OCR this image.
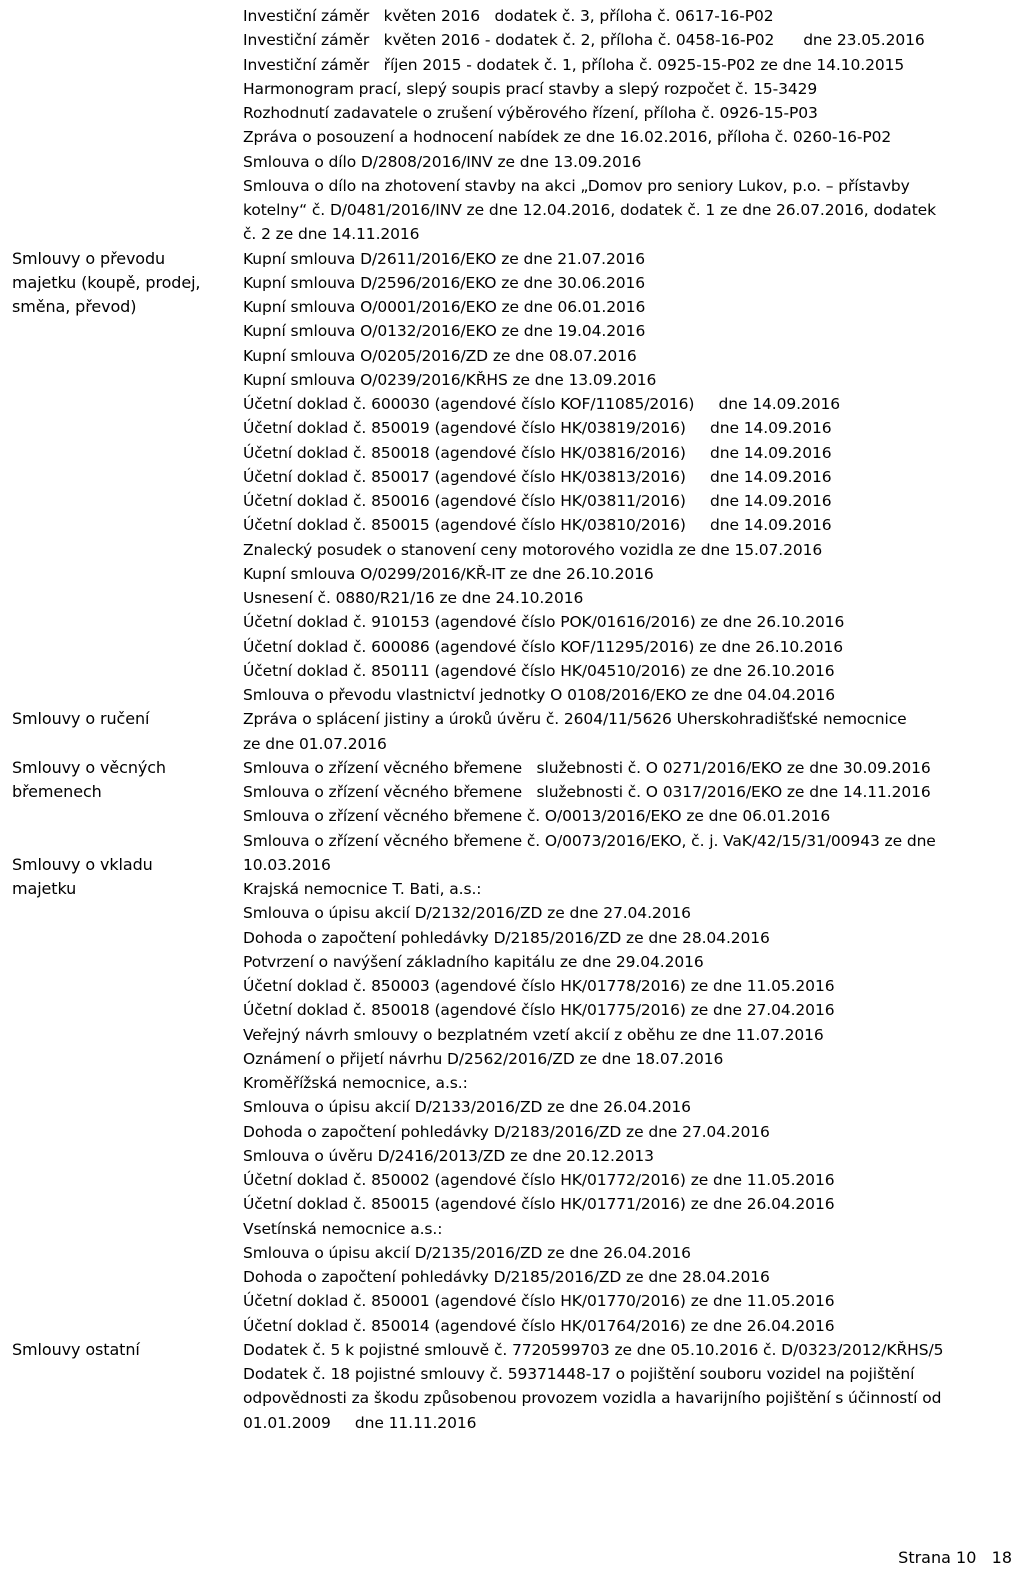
Smlouvy o převodu
majetku (koupě, prodej,
směna, převod)
Smlouvy o ručení
Smlouvy o věcných
břemenech
Smlouvy o vkladu
majetku
Smlouvy ostatní
Investiční záměr   květen 2016   dodatek č. 3, příloha č. 0617-16-P02
Investiční záměr   květen 2016 - dodatek č. 2, příloha č. 0458-16-P02      dne 23.05.2016
Investiční záměr   říjen 2015 - dodatek č. 1, příloha č. 0925-15-P02 ze dne 14.10.2015
Harmonogram prací, slepý soupis prací stavby a slepý rozpočet č. 15-3429
Rozhodnutí zadavatele o zrušení výběrového řízení, příloha č. 0926-15-P03
Zpráva o posouzení a hodnocení nabídek ze dne 16.02.2016, příloha č. 0260-16-P02
Smlouva o dílo D/2808/2016/INV ze dne 13.09.2016
Smlouva o dílo na zhotovení stavby na akci „Domov pro seniory Lukov, p.o. – přístavby
kotelny“ č. D/0481/2016/INV ze dne 12.04.2016, dodatek č. 1 ze dne 26.07.2016, dodatek
č. 2 ze dne 14.11.2016
Kupní smlouva D/2611/2016/EKO ze dne 21.07.2016
Kupní smlouva D/2596/2016/EKO ze dne 30.06.2016
Kupní smlouva O/0001/2016/EKO ze dne 06.01.2016
Kupní smlouva O/0132/2016/EKO ze dne 19.04.2016
Kupní smlouva O/0205/2016/ZD ze dne 08.07.2016
Kupní smlouva O/0239/2016/KŘHS ze dne 13.09.2016
Účetní doklad č. 600030 (agendové číslo KOF/11085/2016)     dne 14.09.2016
Účetní doklad č. 850019 (agendové číslo HK/03819/2016)     dne 14.09.2016
Účetní doklad č. 850018 (agendové číslo HK/03816/2016)     dne 14.09.2016
Účetní doklad č. 850017 (agendové číslo HK/03813/2016)     dne 14.09.2016
Účetní doklad č. 850016 (agendové číslo HK/03811/2016)     dne 14.09.2016
Účetní doklad č. 850015 (agendové číslo HK/03810/2016)     dne 14.09.2016
Znalecký posudek o stanovení ceny motorového vozidla ze dne 15.07.2016
Kupní smlouva O/0299/2016/KŘ-IT ze dne 26.10.2016
Usnesení č. 0880/R21/16 ze dne 24.10.2016
Účetní doklad č. 910153 (agendové číslo POK/01616/2016) ze dne 26.10.2016
Účetní doklad č. 600086 (agendové číslo KOF/11295/2016) ze dne 26.10.2016
Účetní doklad č. 850111 (agendové číslo HK/04510/2016) ze dne 26.10.2016
Smlouva o převodu vlastnictví jednotky O 0108/2016/EKO ze dne 04.04.2016
Zpráva o splácení jistiny a úroků úvěru č. 2604/11/5626 Uherskohradišťské nemocnice
ze dne 01.07.2016
Smlouva o zřízení věcného břemene   služebnosti č. O 0271/2016/EKO ze dne 30.09.2016
Smlouva o zřízení věcného břemene   služebnosti č. O 0317/2016/EKO ze dne 14.11.2016
Smlouva o zřízení věcného břemene č. O/0013/2016/EKO ze dne 06.01.2016
Smlouva o zřízení věcného břemene č. O/0073/2016/EKO, č. j. VaK/42/15/31/00943 ze dne
10.03.2016
Krajská nemocnice T. Bati, a.s.:
Smlouva o úpisu akcií D/2132/2016/ZD ze dne 27.04.2016
Dohoda o započtení pohledávky D/2185/2016/ZD ze dne 28.04.2016
Potvrzení o navýšení základního kapitálu ze dne 29.04.2016
Účetní doklad č. 850003 (agendové číslo HK/01778/2016) ze dne 11.05.2016
Účetní doklad č. 850018 (agendové číslo HK/01775/2016) ze dne 27.04.2016
Veřejný návrh smlouvy o bezplatném vzetí akcií z oběhu ze dne 11.07.2016
Oznámení o přijetí návrhu D/2562/2016/ZD ze dne 18.07.2016
Kroměřížská nemocnice, a.s.:
Smlouva o úpisu akcií D/2133/2016/ZD ze dne 26.04.2016
Dohoda o započtení pohledávky D/2183/2016/ZD ze dne 27.04.2016
Smlouva o úvěru D/2416/2013/ZD ze dne 20.12.2013
Účetní doklad č. 850002 (agendové číslo HK/01772/2016) ze dne 11.05.2016
Účetní doklad č. 850015 (agendové číslo HK/01771/2016) ze dne 26.04.2016
Vsetínská nemocnice a.s.:
Smlouva o úpisu akcií D/2135/2016/ZD ze dne 26.04.2016
Dohoda o započtení pohledávky D/2185/2016/ZD ze dne 28.04.2016
Účetní doklad č. 850001 (agendové číslo HK/01770/2016) ze dne 11.05.2016
Účetní doklad č. 850014 (agendové číslo HK/01764/2016) ze dne 26.04.2016
Dodatek č. 5 k pojistné smlouvě č. 7720599703 ze dne 05.10.2016 č. D/0323/2012/KŘHS/5
Dodatek č. 18 pojistné smlouvy č. 59371448-17 o pojištění souboru vozidel na pojištění
odpovědnosti za škodu způsobenou provozem vozidla a havarijního pojištění s účinností od
01.01.2009     dne 11.11.2016
Strana 10 18
